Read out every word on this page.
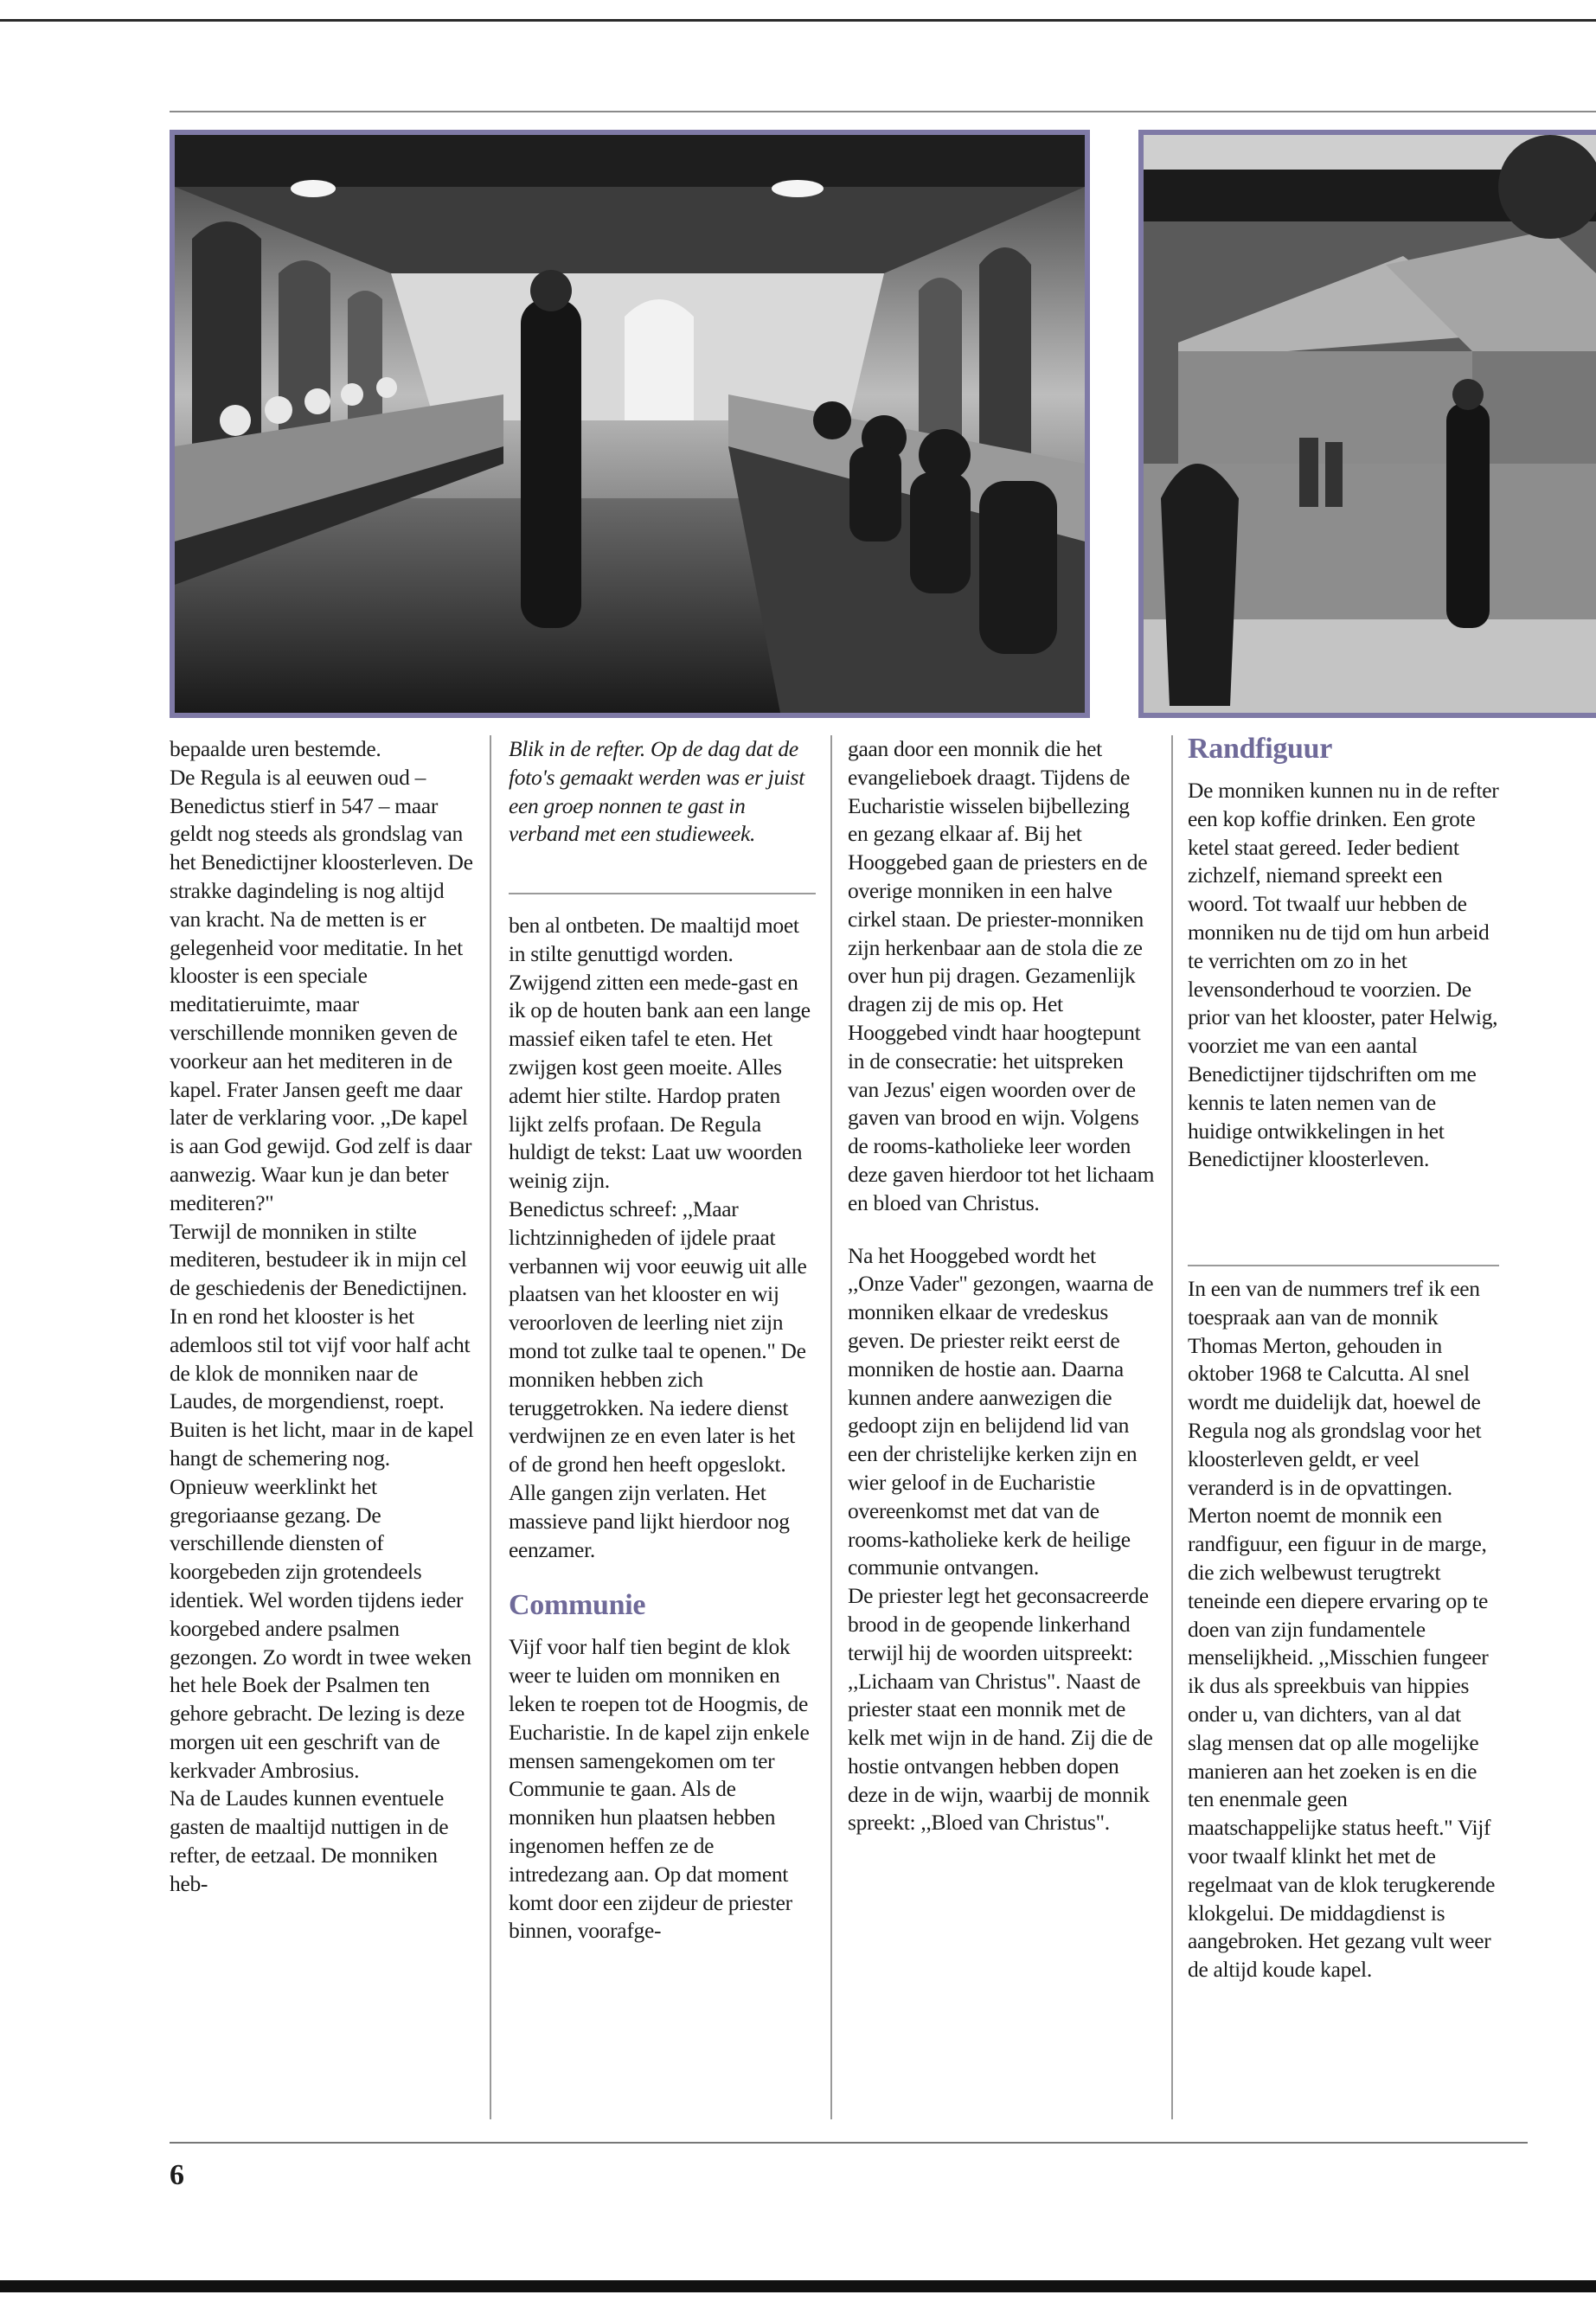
bepaalde uren bestemde.

De Regula is al eeuwen oud – Benedictus stierf in 547 – maar geldt nog steeds als grondslag van het Benedictijner kloosterleven. De strakke dagindeling is nog altijd van kracht. Na de metten is er gelegenheid voor meditatie. In het klooster is een speciale meditatieruimte, maar verschillende monniken geven de voorkeur aan het mediteren in de kapel. Frater Jansen geeft me daar later de verklaring voor. ,,De kapel is aan God gewijd. God zelf is daar aanwezig. Waar kun je dan beter mediteren?"

Terwijl de monniken in stilte mediteren, bestudeer ik in mijn cel de geschiedenis der Benedictijnen. In en rond het klooster is het ademloos stil tot vijf voor half acht de klok de monniken naar de Laudes, de morgendienst, roept.

Buiten is het licht, maar in de kapel hangt de schemering nog.

Opnieuw weerklinkt het gregoriaanse gezang. De verschillende diensten of koorgebeden zijn grotendeels identiek. Wel worden tijdens ieder koorgebed andere psalmen gezongen. Zo wordt in twee weken het hele Boek der Psalmen ten gehore gebracht. De lezing is deze morgen uit een geschrift van de kerkvader Ambrosius.

Na de Laudes kunnen eventuele gasten de maaltijd nuttigen in de refter, de eetzaal. De monniken heb-

Blik in de refter. Op de dag dat de foto's gemaakt werden was er juist een groep nonnen te gast in verband met een studieweek.

ben al ontbeten. De maaltijd moet in stilte genuttigd worden. Zwijgend zitten een mede-gast en ik op de houten bank aan een lange massief eiken tafel te eten. Het zwijgen kost geen moeite. Alles ademt hier stilte. Hardop praten lijkt zelfs profaan. De Regula huldigt de tekst: Laat uw woorden weinig zijn.

Benedictus schreef: ,,Maar lichtzinnigheden of ijdele praat verbannen wij voor eeuwig uit alle plaatsen van het klooster en wij veroorloven de leerling niet zijn mond tot zulke taal te openen." De monniken hebben zich teruggetrokken. Na iedere dienst verdwijnen ze en even later is het of de grond hen heeft opgeslokt. Alle gangen zijn verlaten. Het massieve pand lijkt hierdoor nog eenzamer.

Communie

Vijf voor half tien begint de klok weer te luiden om monniken en leken te roepen tot de Hoogmis, de Eucharistie. In de kapel zijn enkele mensen samengekomen om ter Communie te gaan. Als de monniken hun plaatsen hebben ingenomen heffen ze de intredezang aan. Op dat moment komt door een zijdeur de priester binnen, voorafge-

gaan door een monnik die het evangelieboek draagt. Tijdens de Eucharistie wisselen bijbellezing en gezang elkaar af. Bij het Hooggebed gaan de priesters en de overige monniken in een halve cirkel staan. De priester-monniken zijn herkenbaar aan de stola die ze over hun pij dragen. Gezamenlijk dragen zij de mis op. Het Hooggebed vindt haar hoogtepunt in de consecratie: het uitspreken van Jezus' eigen woorden over de gaven van brood en wijn. Volgens de rooms-katholieke leer worden deze gaven hierdoor tot het lichaam en bloed van Christus.

Na het Hooggebed wordt het ,,Onze Vader" gezongen, waarna de monniken elkaar de vredeskus geven. De priester reikt eerst de monniken de hostie aan. Daarna kunnen andere aanwezigen die gedoopt zijn en belijdend lid van een der christelijke kerken zijn en wier geloof in de Eucharistie overeenkomst met dat van de rooms-katholieke kerk de heilige communie ontvangen.

De priester legt het geconsacreerde brood in de geopende linkerhand terwijl hij de woorden uitspreekt: ,,Lichaam van Christus". Naast de priester staat een monnik met de kelk met wijn in de hand. Zij die de hostie ontvangen hebben dopen deze in de wijn, waarbij de monnik spreekt: ,,Bloed van Christus".

Randfiguur

De monniken kunnen nu in de refter een kop koffie drinken. Een grote ketel staat gereed. Ieder bedient zichzelf, niemand spreekt een woord. Tot twaalf uur hebben de monniken nu de tijd om hun arbeid te verrichten om zo in het levensonderhoud te voorzien. De prior van het klooster, pater Helwig, voorziet me van een aantal Benedictijner tijdschriften om me kennis te laten nemen van de huidige ontwikkelingen in het Benedictijner kloosterleven.

In een van de nummers tref ik een toespraak aan van de monnik Thomas Merton, gehouden in oktober 1968 te Calcutta. Al snel wordt me duidelijk dat, hoewel de Regula nog als grondslag voor het kloosterleven geldt, er veel veranderd is in de opvattingen. Merton noemt de monnik een randfiguur, een figuur in de marge, die zich welbewust terugtrekt teneinde een diepere ervaring op te doen van zijn fundamentele menselijkheid. ,,Misschien fungeer ik dus als spreekbuis van hippies onder u, van dichters, van al dat slag mensen dat op alle mogelijke manieren aan het zoeken is en die ten enenmale geen maatschappelijke status heeft." Vijf voor twaalf klinkt het met de regelmaat van de klok terugkerende klokgelui. De middagdienst is aangebroken. Het gezang vult weer de altijd koude kapel.

6
